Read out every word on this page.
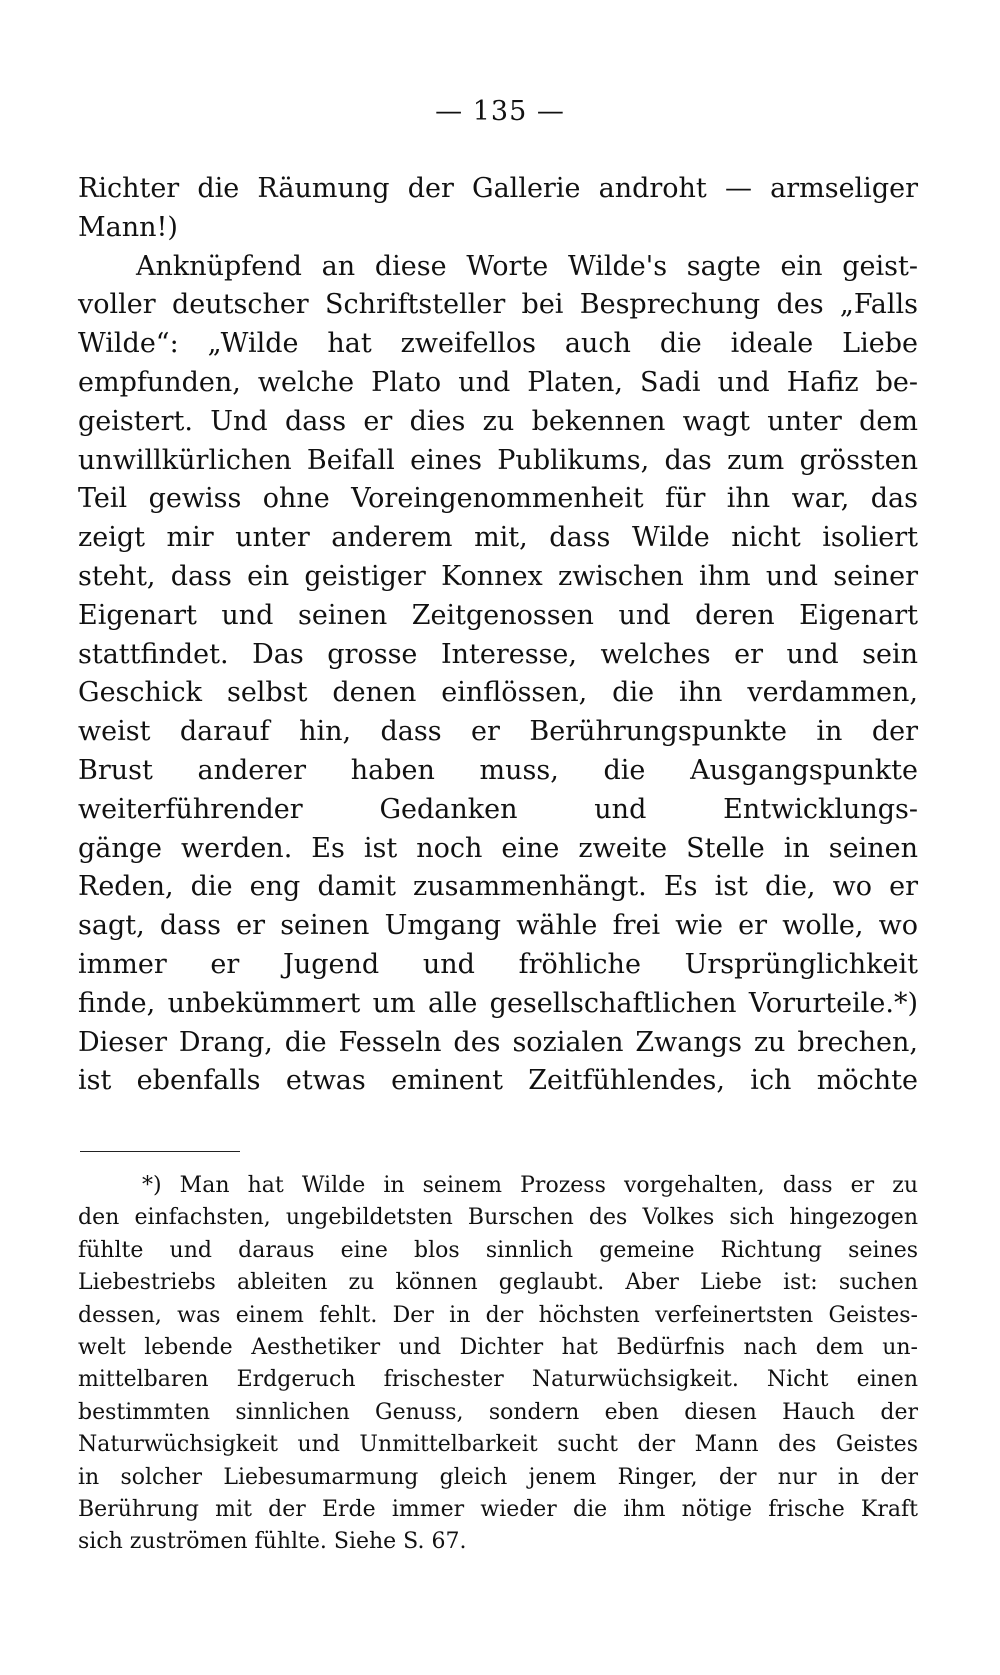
— 135 —
Richter die Räumung der Gallerie androht — armseliger
Mann!)
Anknüpfend an diese Worte Wilde's sagte ein geist-
voller deutscher Schriftsteller bei Besprechung des „Falls
Wilde“: „Wilde hat zweifellos auch die ideale Liebe
empfunden, welche Plato und Platen, Sadi und Hafiz be-
geistert. Und dass er dies zu bekennen wagt unter dem
unwillkürlichen Beifall eines Publikums, das zum grössten
Teil gewiss ohne Voreingenommenheit für ihn war, das
zeigt mir unter anderem mit, dass Wilde nicht isoliert
steht, dass ein geistiger Konnex zwischen ihm und seiner
Eigenart und seinen Zeitgenossen und deren Eigenart
stattfindet. Das grosse Interesse, welches er und sein
Geschick selbst denen einflössen, die ihn verdammen,
weist darauf hin, dass er Berührungspunkte in der
Brust anderer haben muss, die Ausgangspunkte
weiterführender Gedanken und Entwicklungs-
gänge werden. Es ist noch eine zweite Stelle in seinen
Reden, die eng damit zusammenhängt. Es ist die, wo er
sagt, dass er seinen Umgang wähle frei wie er wolle, wo
immer er Jugend und fröhliche Ursprünglichkeit
finde, unbekümmert um alle gesellschaftlichen Vorurteile.*)
Dieser Drang, die Fesseln des sozialen Zwangs zu brechen,
ist ebenfalls etwas eminent Zeitfühlendes, ich möchte
*) Man hat Wilde in seinem Prozess vorgehalten, dass er zu
den einfachsten, ungebildetsten Burschen des Volkes sich hingezogen
fühlte und daraus eine blos sinnlich gemeine Richtung seines
Liebestriebs ableiten zu können geglaubt. Aber Liebe ist: suchen
dessen, was einem fehlt. Der in der höchsten verfeinertsten Geistes-
welt lebende Aesthetiker und Dichter hat Bedürfnis nach dem un-
mittelbaren Erdgeruch frischester Naturwüchsigkeit. Nicht einen
bestimmten sinnlichen Genuss, sondern eben diesen Hauch der
Naturwüchsigkeit und Unmittelbarkeit sucht der Mann des Geistes
in solcher Liebesumarmung gleich jenem Ringer, der nur in der
Berührung mit der Erde immer wieder die ihm nötige frische Kraft
sich zuströmen fühlte. Siehe S. 67.
